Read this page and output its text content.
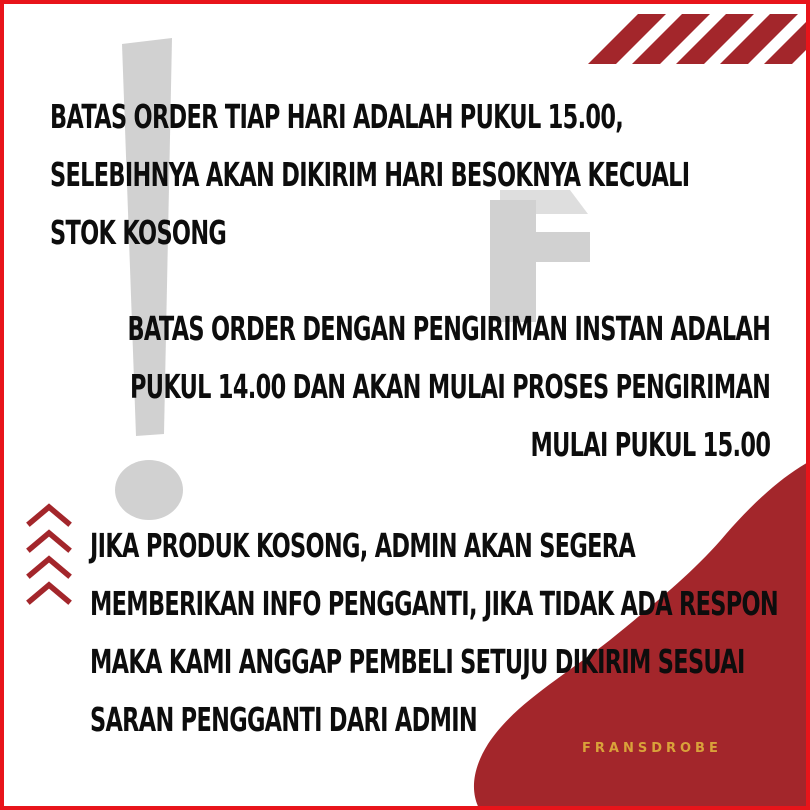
BATAS ORDER TIAP HARI ADALAH PUKUL 15.00,
SELEBIHNYA AKAN DIKIRIM HARI BESOKNYA KECUALI
STOK KOSONG

BATAS ORDER DENGAN PENGIRIMAN INSTAN ADALAH
PUKUL 14.00 DAN AKAN MULAI PROSES PENGIRIMAN
MULAI PUKUL 15.00

JIKA PRODUK KOSONG, ADMIN AKAN SEGERA
MEMBERIKAN INFO PENGGANTI, JIKA TIDAK ADA RESPON
MAKA KAMI ANGGAP PEMBELI SETUJU DIKIRIM SESUAI
SARAN PENGGANTI DARI ADMIN

FRANSDROBE
